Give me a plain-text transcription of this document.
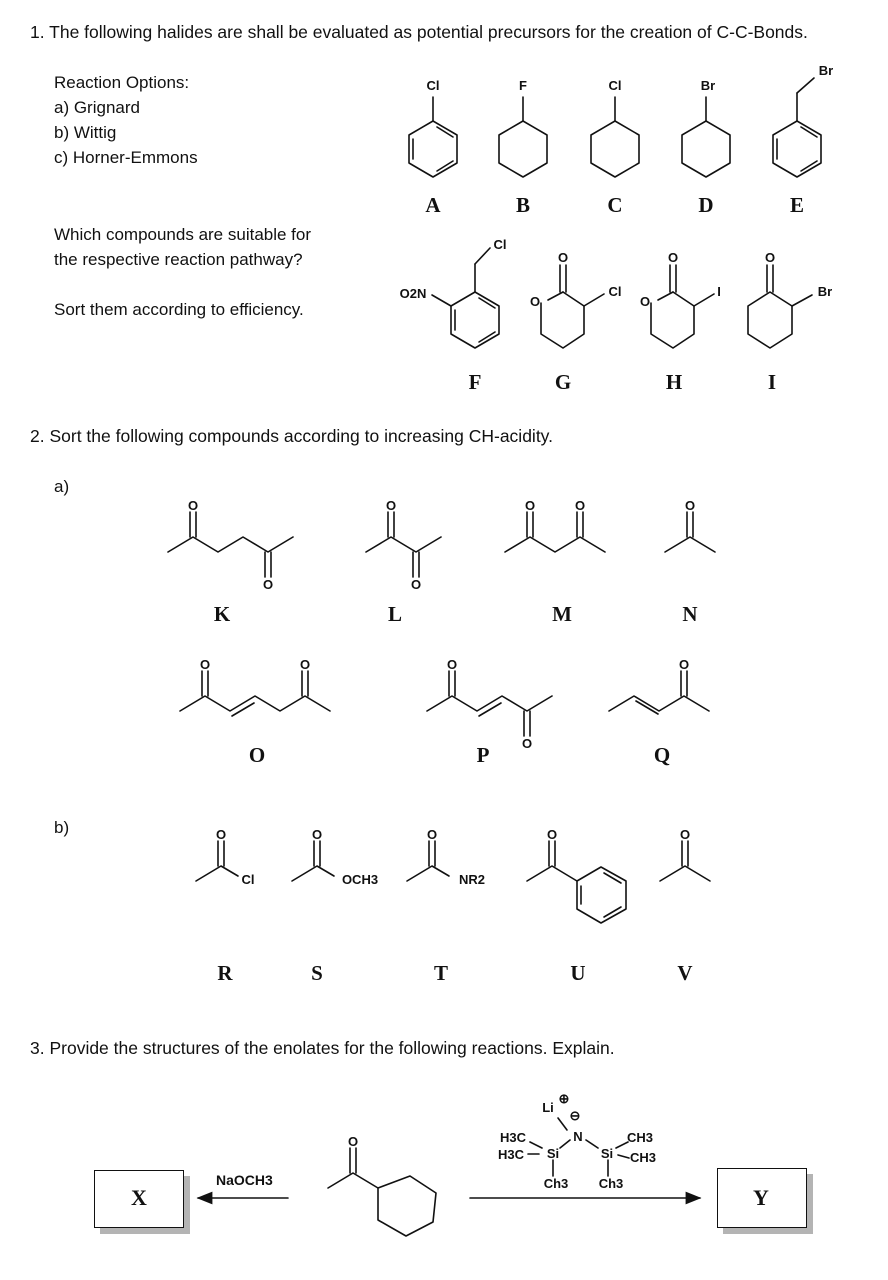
1. The following halides are shall be evaluated as potential precursors for the creation of C-C-Bonds.
Reaction Options:
a) Grignard
b) Wittig
c) Horner-Emmons
Which compounds are suitable for
the respective reaction pathway?
Sort them according to efficiency.
A	B	C	D	E
F	G	H	I
2. Sort the following compounds according to increasing CH-acidity.
a)
b)
K	L	M	N
O	P	Q
R	S	T	U	V
3. Provide the structures of the enolates for the following reactions. Explain.
NaOCH3
X	Y
Cl	F	Cl	Br
Br
Cl
O2N
O
O
Cl
O
O
I
O
Br
O
O
O
O
O	O	O
O	O	O
O
O
O
Cl
O
OCH3
O
NR2
O	O
O
Li
⊕
⊖
N
H3C
H3C Si	Si
CH3
CH3
Ch3 Ch3
